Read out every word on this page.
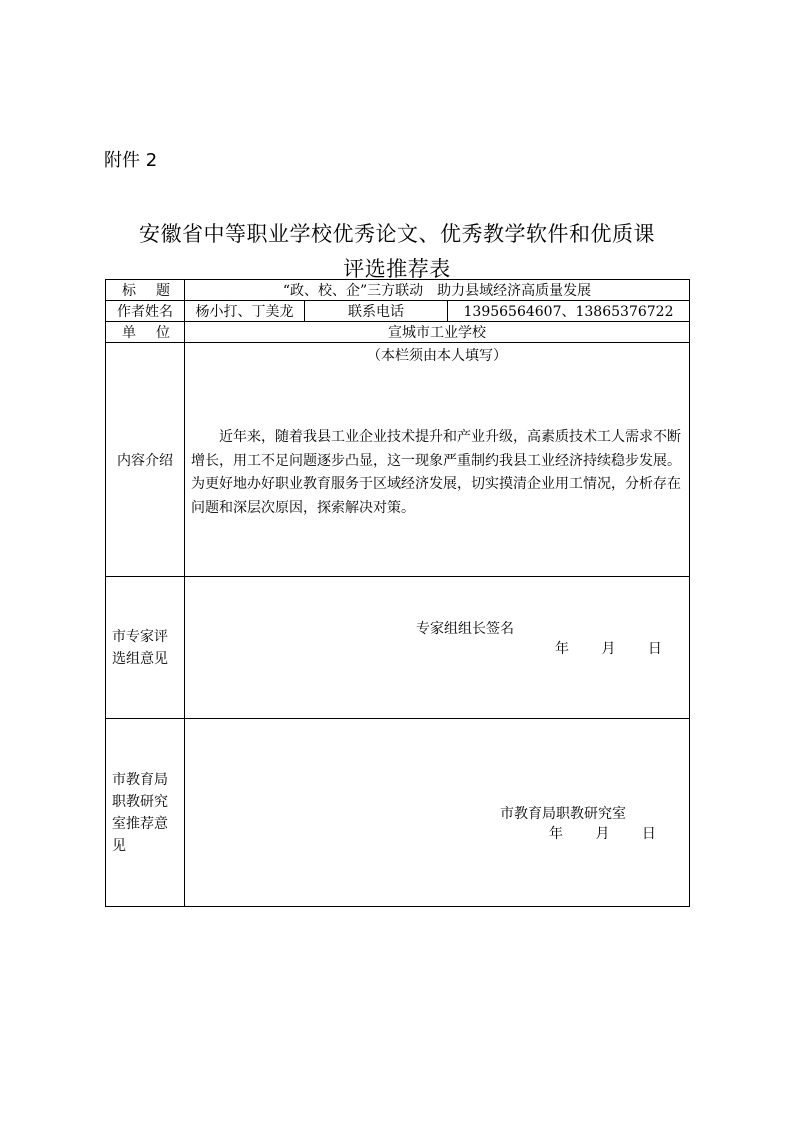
附件 2
安徽省中等职业学校优秀论文、优秀教学软件和优质课
评选推荐表
标 题	“政、校、企”三方联动　助力县域经济高质量发展		
作者姓名	杨小打、丁美龙	联系电话	13956564607、13865376722

单 位	宣城市工业学校		
内容介绍	（本栏须由本人填写）
近年来，随着我县工业企业技术提升和产业升级，高素质技术工人需求不断增长，用工不足问题逐步凸显，这一现象严重制约我县工业经济持续稳步发展。为更好地办好职业教育服务于区域经济发展，切实摸清企业用工情况，分析存在问题和深层次原因，探索解决对策。		

市专家评选组意见	专家组组长签名
年 月 日		

市教育局职教研究室推荐意见	市教育局职教研究室
年 月 日		
